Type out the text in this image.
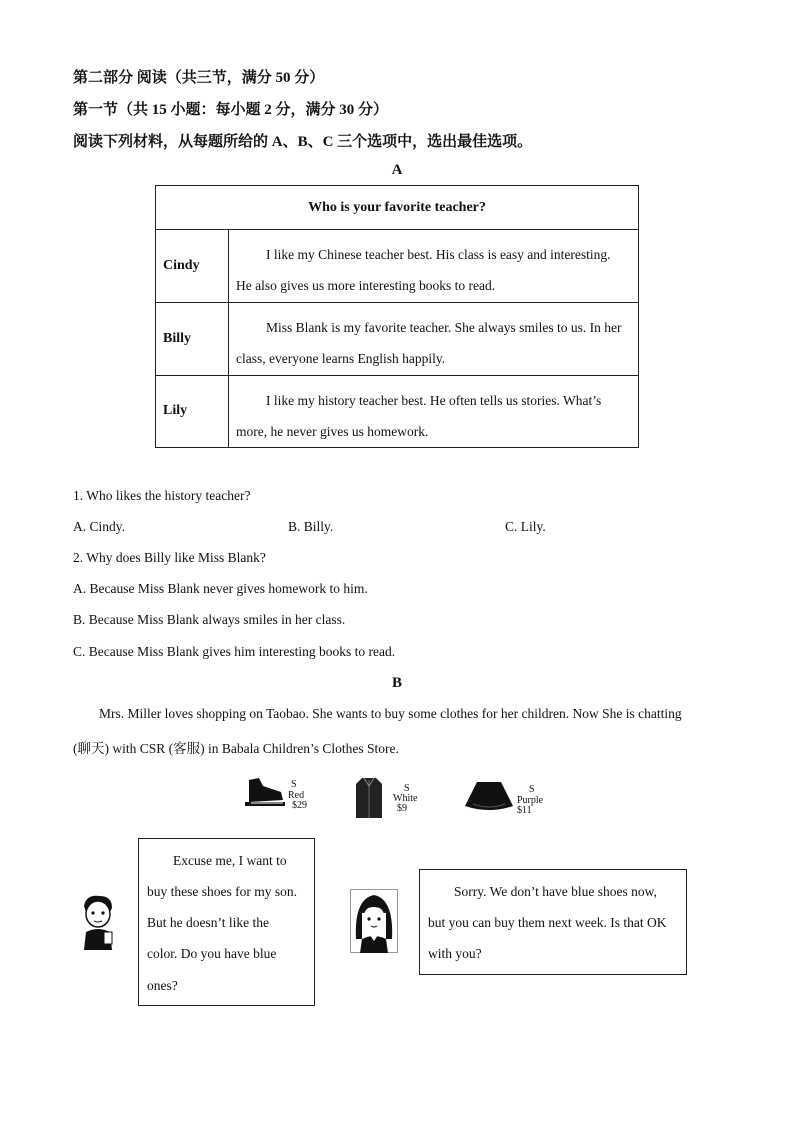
第二部分 阅读（共三节，满分 50 分）
第一节（共 15 小题：每小题 2 分，满分 30 分）
阅读下列材料，从每题所给的 A、B、C 三个选项中，选出最佳选项。
A
Who is your favorite teacher?
Cindy
I like my Chinese teacher best. His class is easy and interesting.
He also gives us more interesting books to read.
Billy
Miss Blank is my favorite teacher. She always smiles to us. In her
class, everyone learns English happily.
Lily
I like my history teacher best. He often tells us stories. What’s
more, he never gives us homework.
1. Who likes the history teacher?
A. Cindy.	B. Billy.	C. Lily.
2. Why does Billy like Miss Blank?
A. Because Miss Blank never gives homework to him.
B. Because Miss Blank always smiles in her class.
C. Because Miss Blank gives him interesting books to read.
B
Mrs. Miller loves shopping on Taobao. She wants to buy some clothes for her children. Now She is chatting
(聊天) with CSR (客服) in Babala Children’s Clothes Store.
S
Red
$29
S
White
$9
S
Purple
$11
Excuse me, I want to
buy these shoes for my son.
But he doesn’t like the
color. Do you have blue
ones?
Sorry. We don’t have blue shoes now,
but you can buy them next week. Is that OK
with you?
